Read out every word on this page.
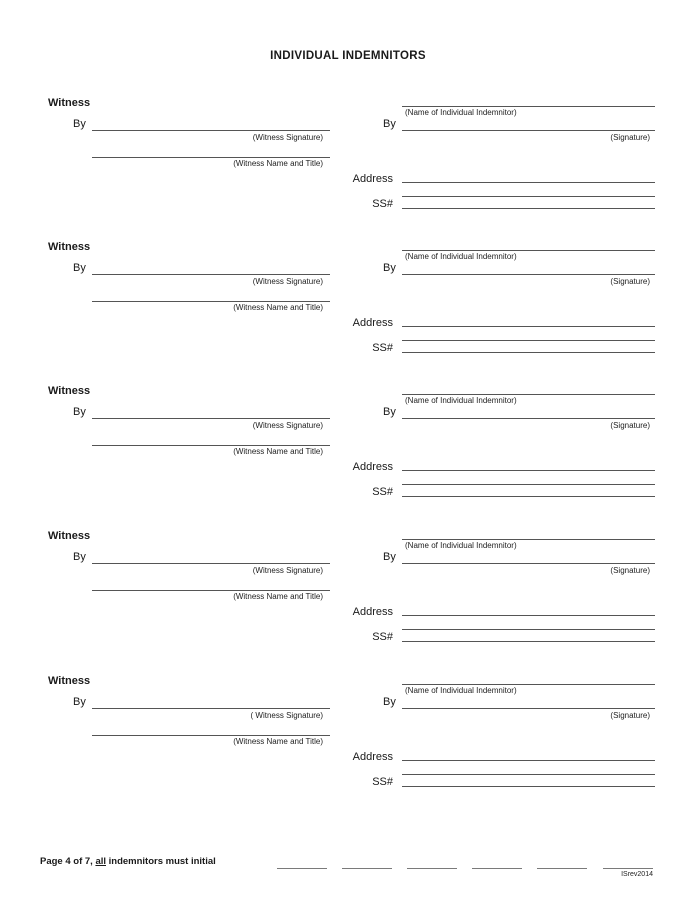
INDIVIDUAL INDEMNITORS
Witness
By
(Witness Signature)
(Witness Name and Title)
(Name of Individual Indemnitor)
By
(Signature)
Address
SS#
Witness
By
(Witness Signature)
(Witness Name and Title)
(Name of Individual Indemnitor)
By
(Signature)
Address
SS#
Witness
By
(Witness Signature)
(Witness Name and Title)
(Name of Individual Indemnitor)
By
(Signature)
Address
SS#
Witness
By
(Witness Signature)
(Witness Name and Title)
(Name of Individual Indemnitor)
By
(Signature)
Address
SS#
Witness
By
( Witness Signature)
(Witness Name and Title)
(Name of Individual Indemnitor)
By
(Signature)
Address
SS#
Page 4 of 7, all indemnitors must initial
ISrev2014
